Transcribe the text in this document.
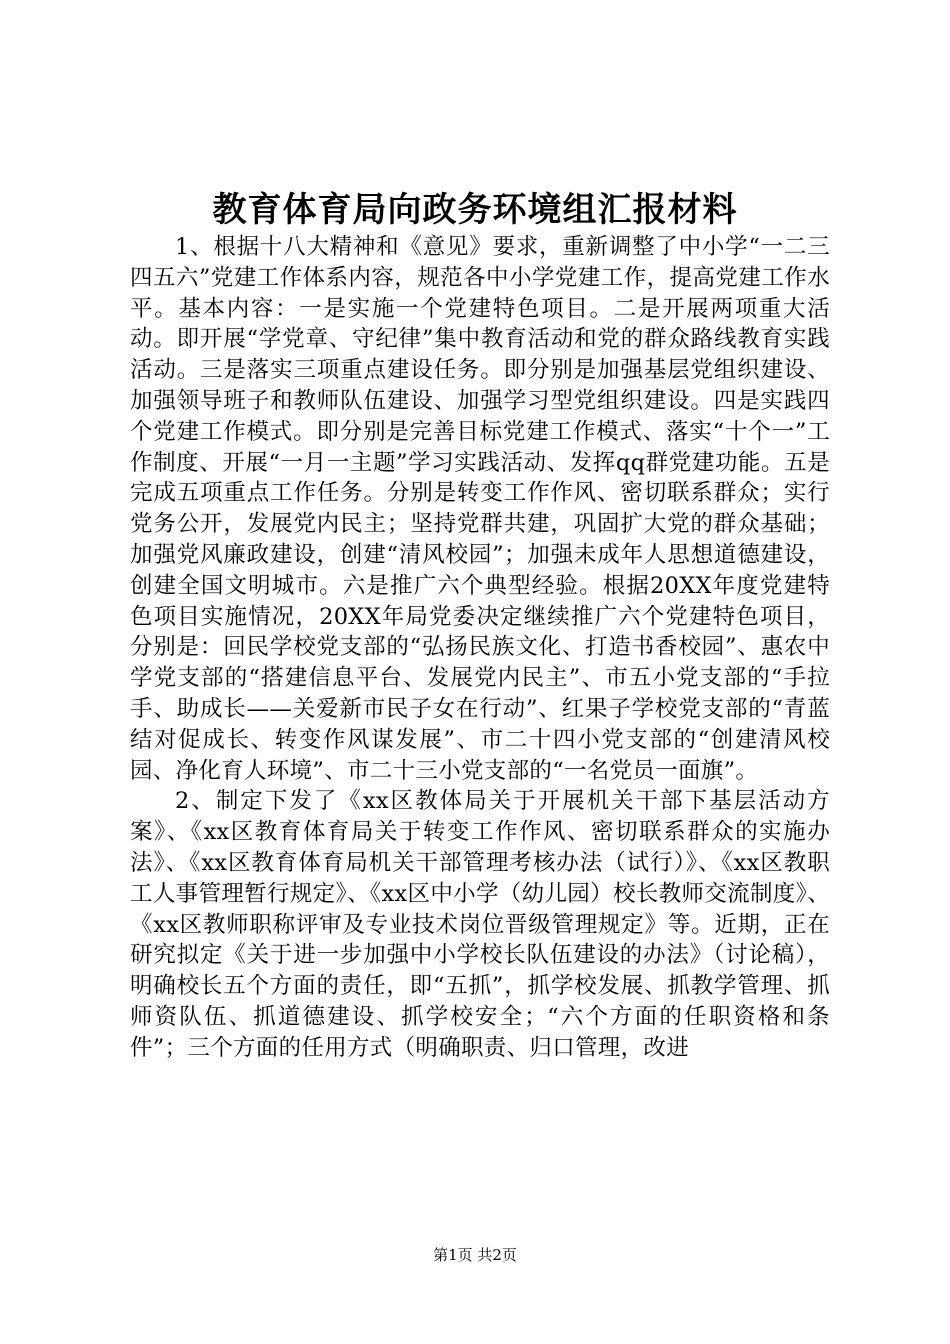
教育体育局向政务环境组汇报材料

1、根据十八大精神和《意见》要求，重新调整了中小学“一二三四五六”党建工作体系内容，规范各中小学党建工作，提高党建工作水平。基本内容：一是实施一个党建特色项目。二是开展两项重大活动。即开展“学党章、守纪律”集中教育活动和党的群众路线教育实践活动。三是落实三项重点建设任务。即分别是加强基层党组织建设、加强领导班子和教师队伍建设、加强学习型党组织建设。四是实践四个党建工作模式。即分别是完善目标党建工作模式、落实“十个一”工作制度、开展“一月一主题”学习实践活动、发挥qq群党建功能。五是完成五项重点工作任务。分别是转变工作作风、密切联系群众；实行党务公开，发展党内民主；坚持党群共建，巩固扩大党的群众基础；加强党风廉政建设，创建“清风校园”；加强未成年人思想道德建设，创建全国文明城市。六是推广六个典型经验。根据20XX年度党建特色项目实施情况，20XX年局党委决定继续推广六个党建特色项目，分别是：回民学校党支部的“弘扬民族文化、打造书香校园”、惠农中学党支部的“搭建信息平台、发展党内民主”、市五小党支部的“手拉手、助成长——关爱新市民子女在行动”、红果子学校党支部的“青蓝结对促成长、转变作风谋发展”、市二十四小党支部的“创建清风校园、净化育人环境”、市二十三小党支部的“一名党员一面旗”。

2、制定下发了《xx区教体局关于开展机关干部下基层活动方案》、《xx区教育体育局关于转变工作作风、密切联系群众的实施办法》、《xx区教育体育局机关干部管理考核办法（试行）》、《xx区教职工人事管理暂行规定》、《xx区中小学（幼儿园）校长教师交流制度》、《xx区教师职称评审及专业技术岗位晋级管理规定》等。近期，正在研究拟定《关于进一步加强中小学校长队伍建设的办法》（讨论稿），明确校长五个方面的责任，即“五抓”，抓学校发展、抓教学管理、抓师资队伍、抓道德建设、抓学校安全；“六个方面的任职资格和条件”；三个方面的任用方式（明确职责、归口管理，改进

第1页 共2页
